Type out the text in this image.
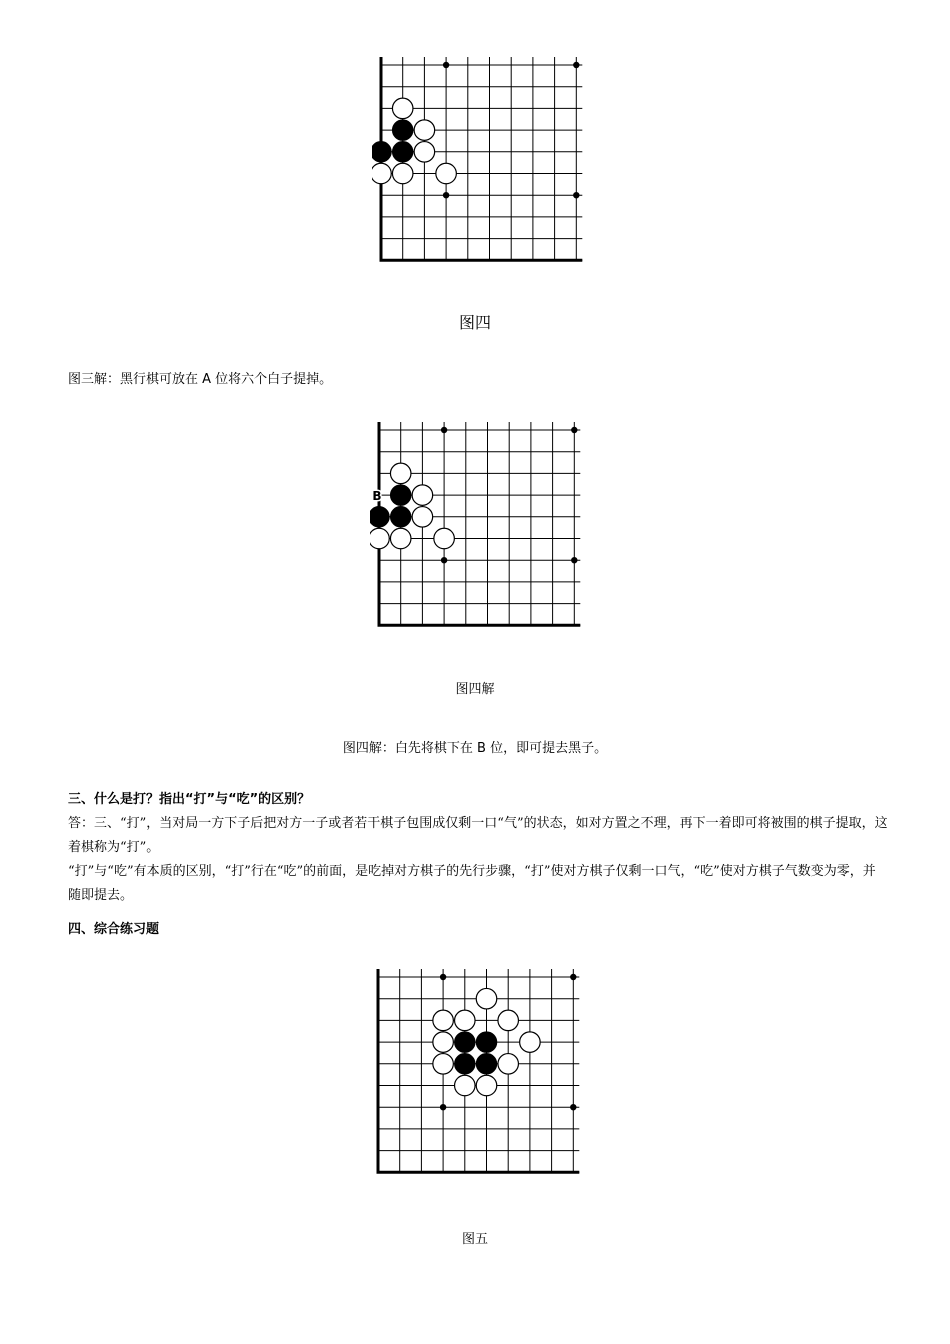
图四
图三解：黑行棋可放在 A 位将六个白子提掉。
B
图四解
图四解：白先将棋下在 B 位，即可提去黑子。
三、什么是打？指出“打”与“吃”的区别？
答：三、“打”，当对局一方下子后把对方一子或者若干棋子包围成仅剩一口“气”的状态，如对方置之不理，再下一着即可将被围的棋子提取，这着棋称为“打”。
“打”与“吃”有本质的区别，“打”行在“吃”的前面，是吃掉对方棋子的先行步骤，“打”使对方棋子仅剩一口气，“吃”使对方棋子气数变为零，并随即提去。
四、综合练习题
图五
